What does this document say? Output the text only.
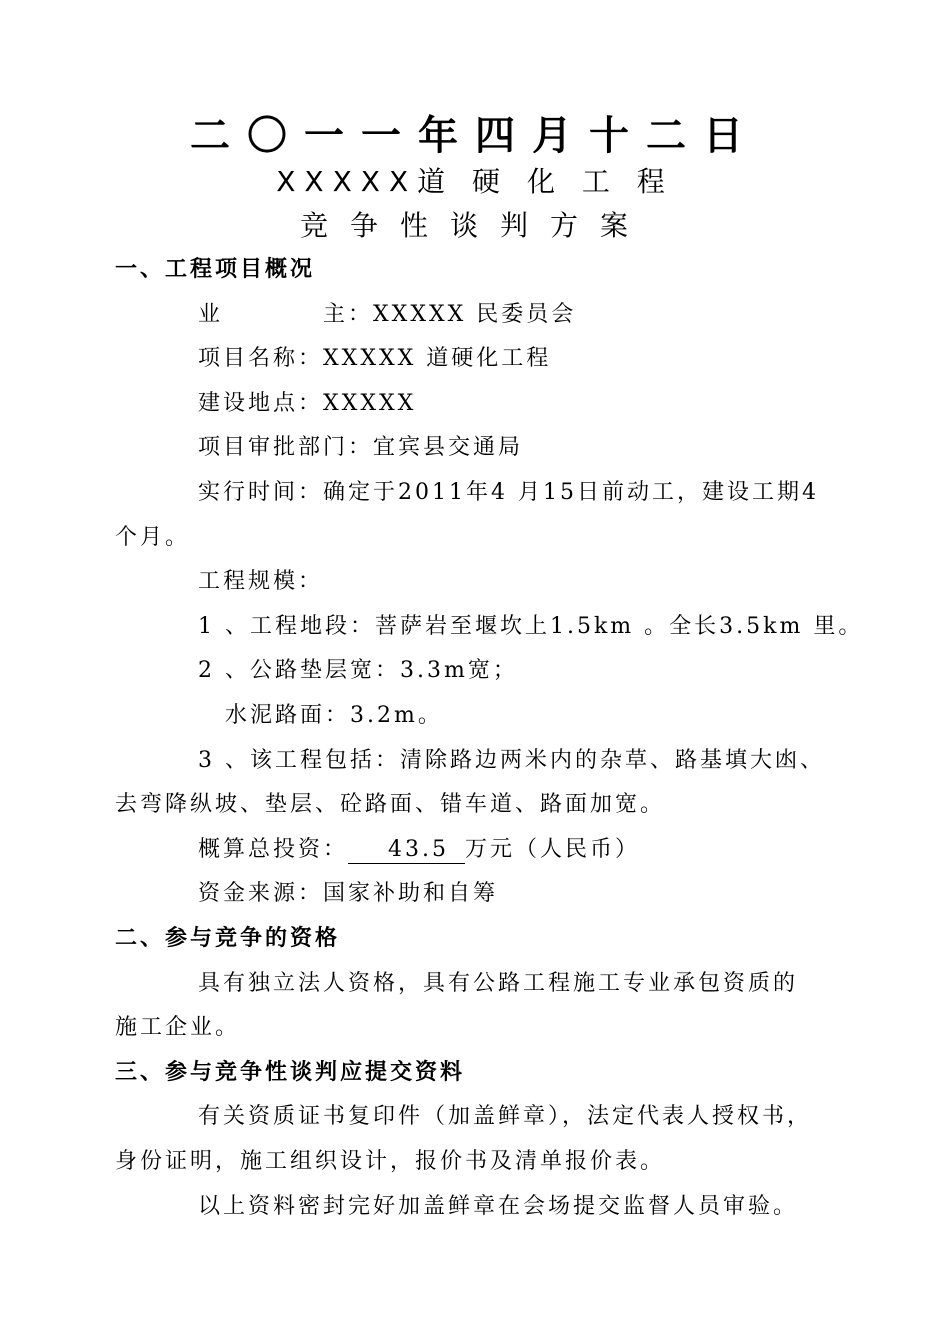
二〇一一年四月十二日
XXXXX道 硬 化 工 程
竞争性谈判方案
一、工程项目概况
业　　　　主：XXXXX 民委员会
项目名称：XXXXX 道硬化工程
建设地点：XXXXX
项目审批部门：宜宾县交通局
实行时间：确定于2011年4 月15日前动工，建设工期4
个月。
工程规模：
1 、工程地段：菩萨岩至堰坎上1.5km 。全长3.5km 里。
2 、公路垫层宽：3.3m宽；
水泥路面：3.2m。
3 、该工程包括：清除路边两米内的杂草、路基填大凼、
去弯降纵坡、垫层、砼路面、错车道、路面加宽。
概算总投资： 43.5 万元（人民币）
资金来源：国家补助和自筹
二、参与竞争的资格
具有独立法人资格，具有公路工程施工专业承包资质的
施工企业。
三、参与竞争性谈判应提交资料
有关资质证书复印件（加盖鲜章），法定代表人授权书，
身份证明，施工组织设计，报价书及清单报价表。
以上资料密封完好加盖鲜章在会场提交监督人员审验。
